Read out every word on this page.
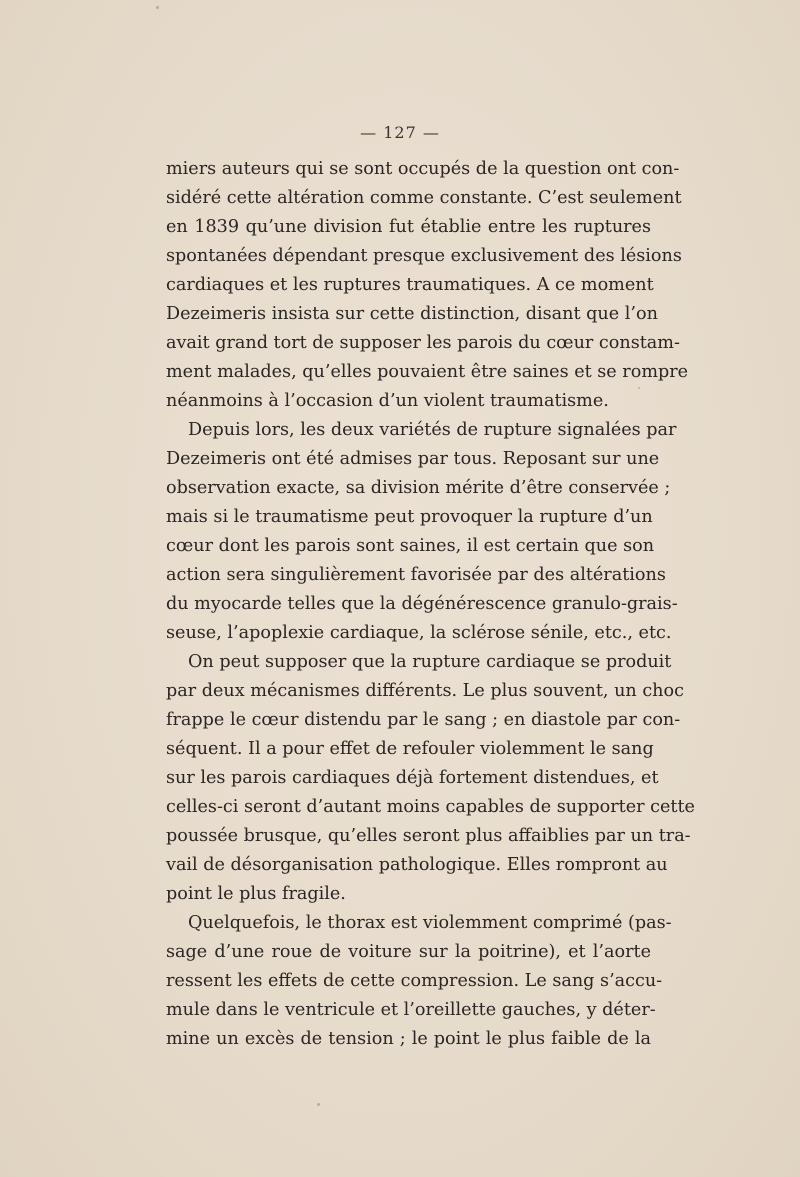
— 127 —
miers auteurs qui se sont occupés de la question ont con-
sidéré cette altération comme constante. C’est seulement
en 1839 qu’une division fut établie entre les ruptures
spontanées dépendant presque exclusivement des lésions
cardiaques et les ruptures traumatiques. A ce moment
Dezeimeris insista sur cette distinction, disant que l’on
avait grand tort de supposer les parois du cœur constam-
ment malades, qu’elles pouvaient être saines et se rompre
néanmoins à l’occasion d’un violent traumatisme.
Depuis lors, les deux variétés de rupture signalées par
Dezeimeris ont été admises par tous. Reposant sur une
observation exacte, sa division mérite d’être conservée ;
mais si le traumatisme peut provoquer la rupture d’un
cœur dont les parois sont saines, il est certain que son
action sera singulièrement favorisée par des altérations
du myocarde telles que la dégénérescence granulo-grais-
seuse, l’apoplexie cardiaque, la sclérose sénile, etc., etc.
On peut supposer que la rupture cardiaque se produit
par deux mécanismes différents. Le plus souvent, un choc
frappe le cœur distendu par le sang ; en diastole par con-
séquent. Il a pour effet de refouler violemment le sang
sur les parois cardiaques déjà fortement distendues, et
celles-ci seront d’autant moins capables de supporter cette
poussée brusque, qu’elles seront plus affaiblies par un tra-
vail de désorganisation pathologique. Elles rompront au
point le plus fragile.
Quelquefois, le thorax est violemment comprimé (pas-
sage d’une roue de voiture sur la poitrine), et l’aorte
ressent les effets de cette compression. Le sang s’accu-
mule dans le ventricule et l’oreillette gauches, y déter-
mine un excès de tension ; le point le plus faible de la
